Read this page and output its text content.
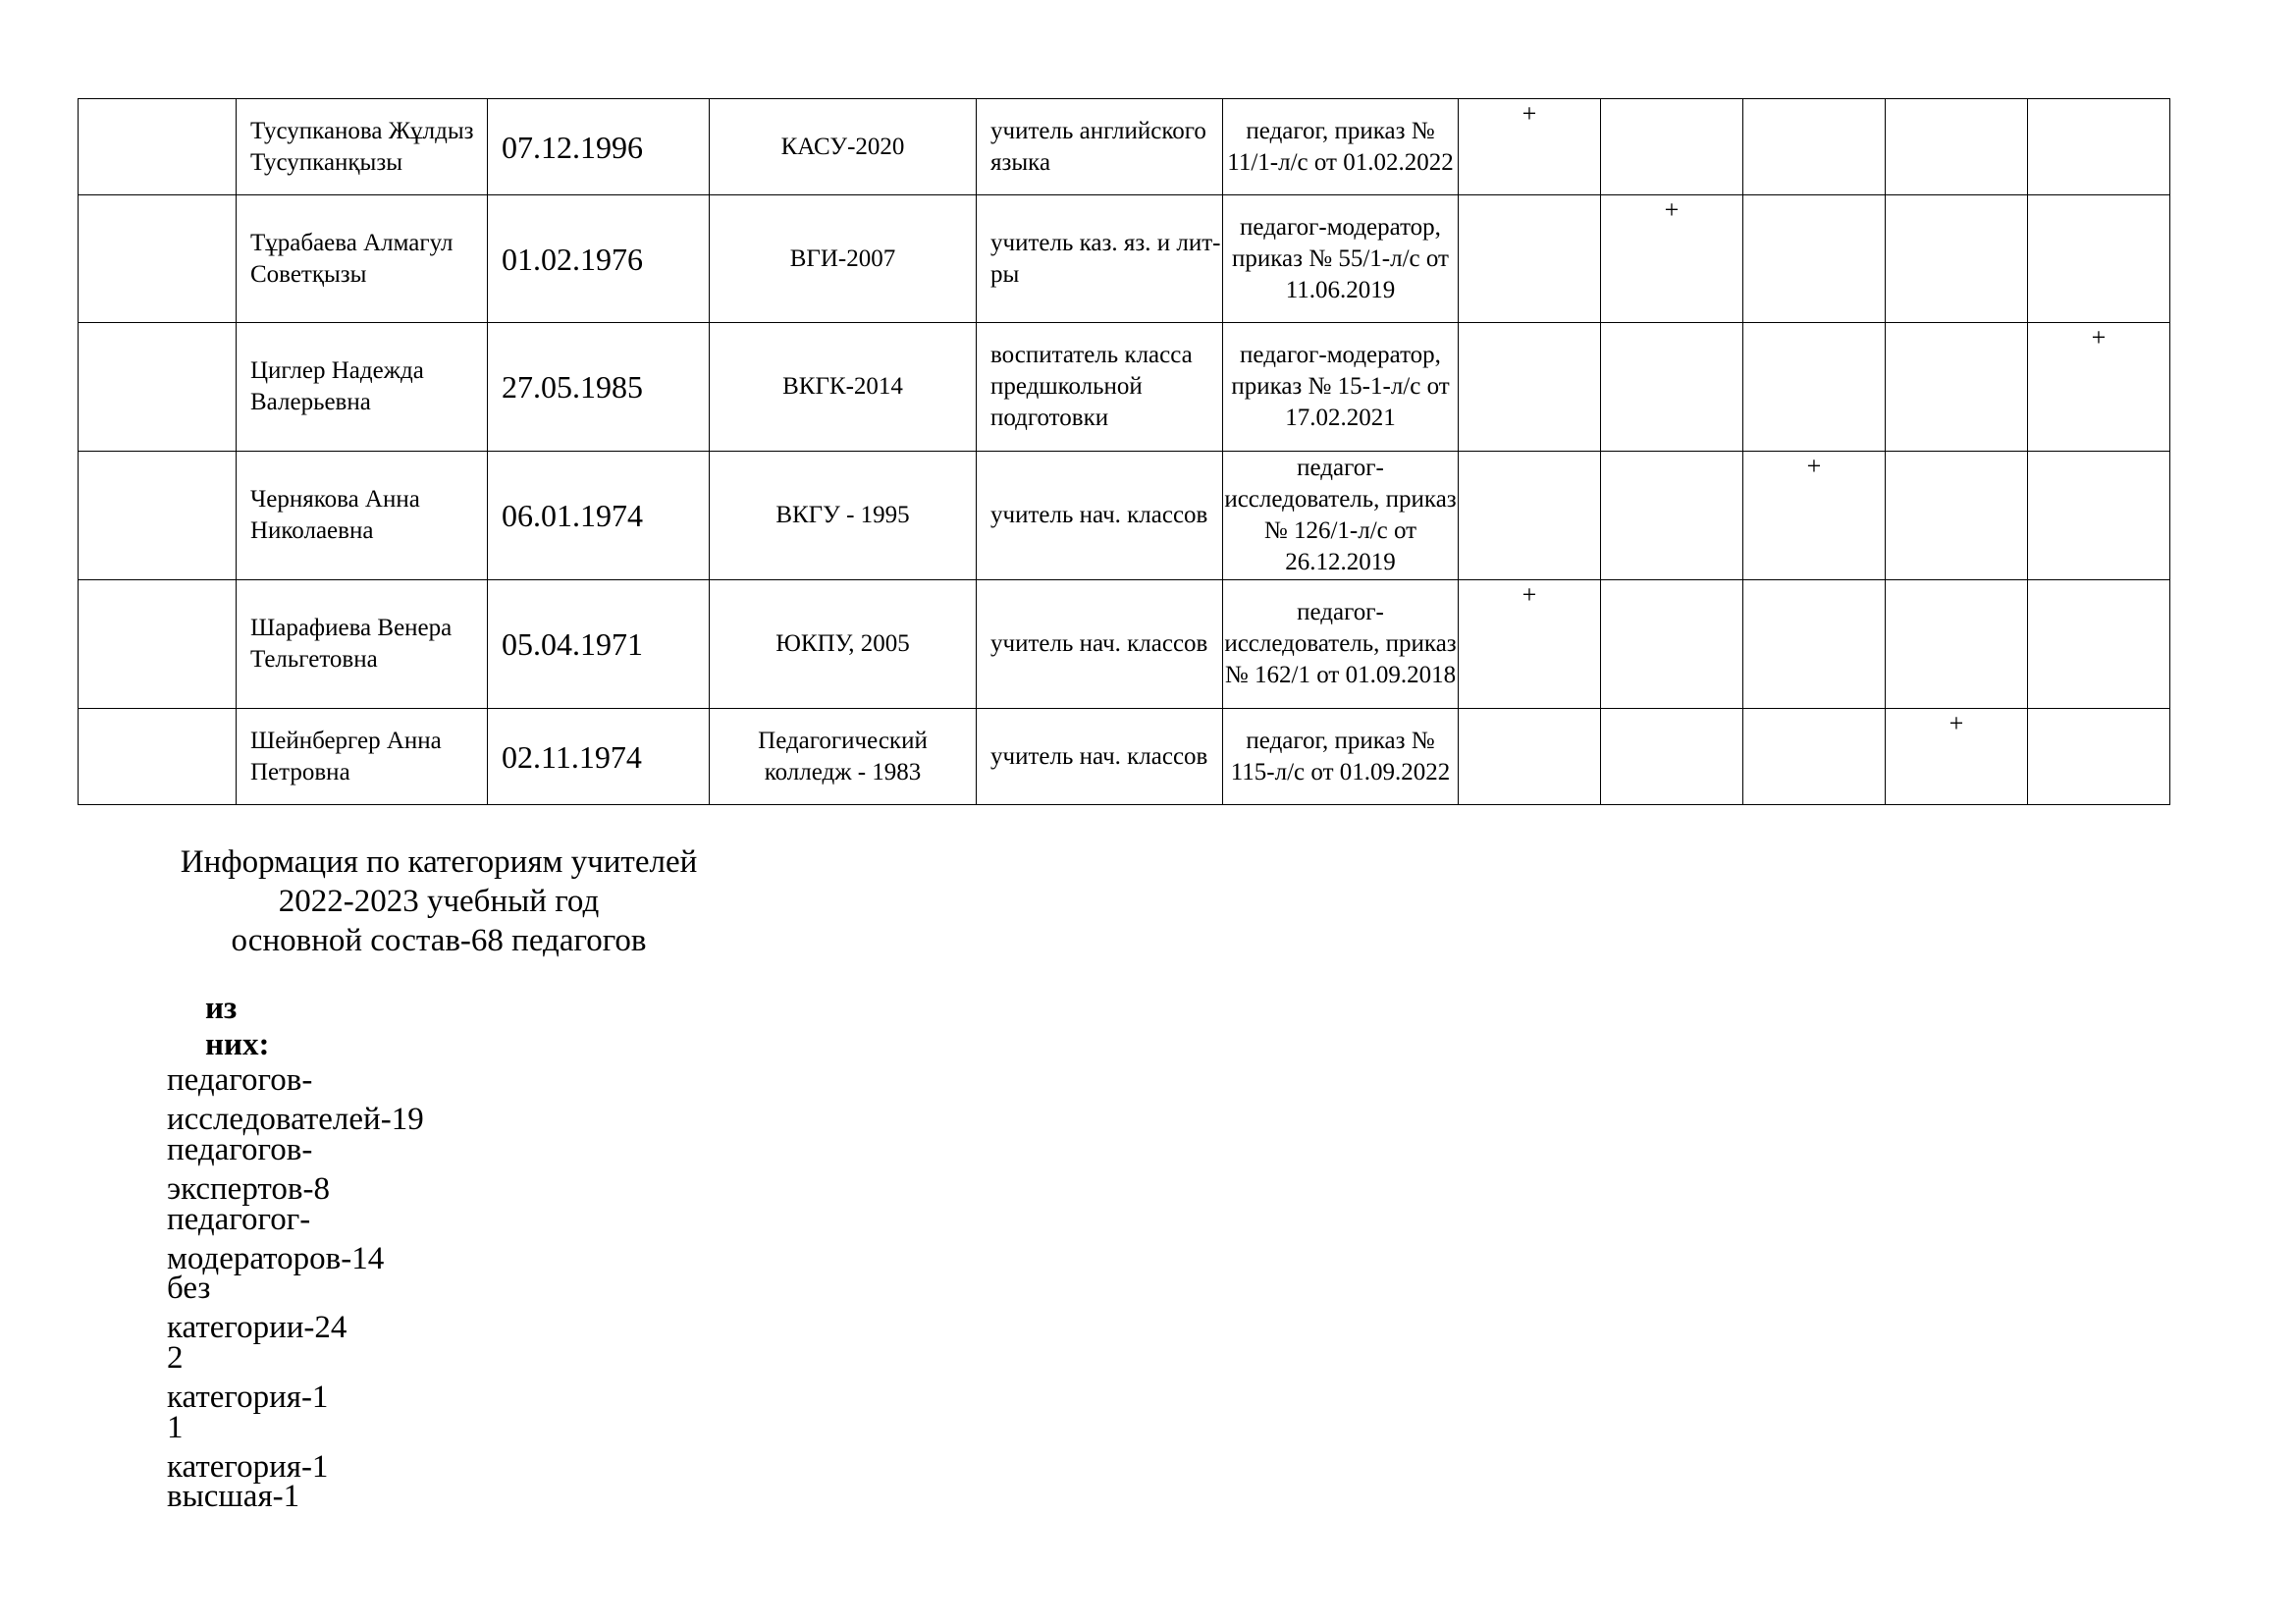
	Тусупканова Жұлдыз Тусупканқызы	07.12.1996	КАСУ-2020	учитель английского языка	педагог, приказ № 11/1-л/с от 01.02.2022	+				

	Тұрабаева Алмагул Советқызы	01.02.1976	ВГИ-2007	учитель каз. яз. и лит-ры	педагог-модератор, приказ № 55/1-л/с от 11.06.2019		+			

	Циглер Надежда Валерьевна	27.05.1985	ВКГК-2014	воспитатель класса предшкольной подготовки	педагог-модератор, приказ № 15-1-л/с от 17.02.2021					+

	Чернякова Анна Николаевна	06.01.1974	ВКГУ - 1995	учитель нач. классов	педагог-исследователь, приказ № 126/1-л/с от 26.12.2019			+		

	Шарафиева Венера Тельгетовна	05.04.1971	ЮКПУ, 2005	учитель нач. классов	педагог-исследователь, приказ № 162/1 от 01.09.2018	+				

	Шейнбергер Анна Петровна	02.11.1974	Педагогический колледж - 1983	учитель нач. классов	педагог, приказ № 115-л/с от 01.09.2022				+	

Информация по категориям учителей
2022-2023 учебный год
основной состав-68 педагогов
из них:
педагогов-исследователей-19
педагогов-экспертов-8
педагогог-модераторов-14
без категории-24
2 категория-1
1 категория-1
высшая-1
